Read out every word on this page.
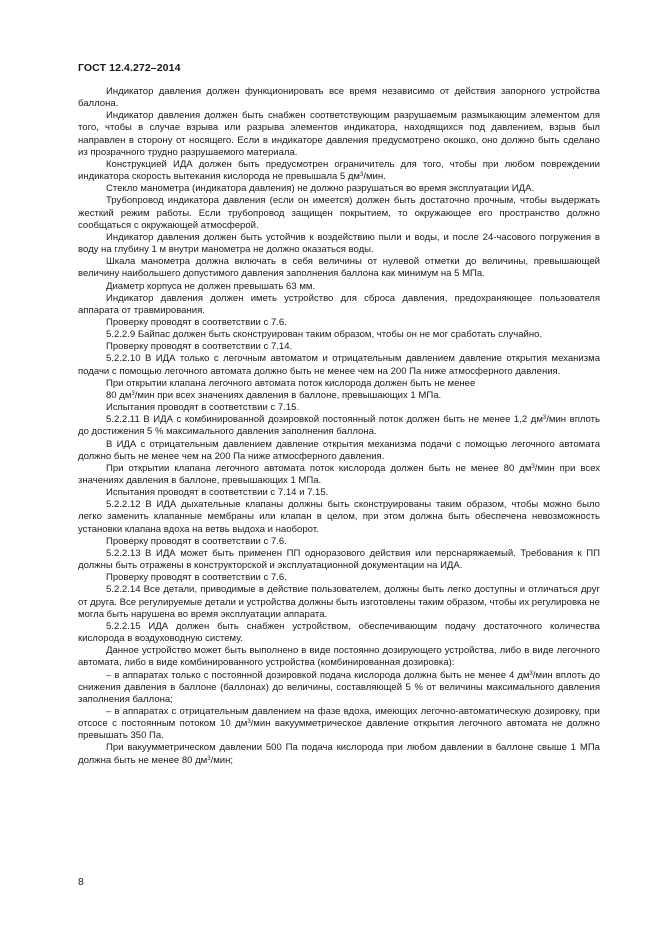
ГОСТ 12.4.272–2014

Индикатор давления должен функционировать все время независимо от действия запорного устройства баллона.

Индикатор давления должен быть снабжен соответствующим разрушаемым размыкающим элементом для того, чтобы в случае взрыва или разрыва элементов индикатора, находящихся под давлением, взрыв был направлен в сторону от носящего. Если в индикаторе давления предусмотрено окошко, оно должно быть сделано из прозрачного трудно разрушаемого материала.

Конструкцией ИДА должен быть предусмотрен ограничитель для того, чтобы при любом повреждении индикатора скорость вытекания кислорода не превышала 5 $дм^3$/мин.

Стекло манометра (индикатора давления) не должно разрушаться во время эксплуатации ИДА.

Трубопровод индикатора давления (если он имеется) должен быть достаточно прочным, чтобы выдержать жесткий режим работы. Если трубопровод защищен покрытием, то окружающее его пространство должно сообщаться с окружающей атмосферой.

Индикатор давления должен быть устойчив к воздействию пыли и воды, и после 24-часового погружения в воду на глубину 1 м внутри манометра не должно оказаться воды.

Шкала манометра должна включать в себя величины от нулевой отметки до величины, превышающей величину наибольшего допустимого давления заполнения баллона как минимум на 5 МПа.

Диаметр корпуса не должен превышать 63 мм.

Индикатор давления должен иметь устройство для сброса давления, предохраняющее пользователя аппарата от травмирования.

Проверку проводят в соответствии с 7.6.

5.2.2.9 Байпас должен быть сконструирован таким образом, чтобы он не мог сработать случайно.

Проверку проводят в соответствии с 7.14.

5.2.2.10 В ИДА только с легочным автоматом и отрицательным давлением давление открытия механизма подачи с помощью легочного автомата должно быть не менее чем на 200 Па ниже атмосферного давления.

При открытии клапана легочного автомата поток кислорода должен быть не менее

80 $дм^3$/мин при всех значениях давления в баллоне, превышающих 1 МПа.

Испытания проводят в соответствии с 7.15.

5.2.2.11 В ИДА с комбинированной дозировкой постоянный поток должен быть не менее 1,2 $дм^3$/мин вплоть до достижения 5 % максимального давления заполнения баллона.

В ИДА с отрицательным давлением давление открытия механизма подачи с помощью легочного автомата должно быть не менее чем на 200 Па ниже атмосферного давления.

При открытии клапана легочного автомата поток кислорода должен быть не менее 80 $дм^3$/мин при всех значениях давления в баллоне, превышающих 1 МПа.

Испытания проводят в соответствии с 7.14 и 7.15.

5.2.2.12 В ИДА дыхательные клапаны должны быть сконструированы таким образом, чтобы можно было легко заменить клапанные мембраны или клапан в целом, при этом должна быть обеспечена невозможность установки клапана вдоха на ветвь выдоха и наоборот.

Проверку проводят в соответствии с 7.6.

5.2.2.13 В ИДА может быть применен ПП одноразового действия или перснаряжаемый. Требования к ПП должны быть отражены в конструкторской и эксплуатационной документации на ИДА.

Проверку проводят в соответствии с 7.6.

5.2.2.14 Все детали, приводимые в действие пользователем, должны быть легко доступны и отличаться друг от друга. Все регулируемые детали и устройства должны быть изготовлены таким образом, чтобы их регулировка не могла быть нарушена во время эксплуатации аппарата.

5.2.2.15 ИДА должен быть снабжен устройством, обеспечивающим подачу достаточного количества кислорода в воздуховодную систему.

Данное устройство может быть выполнено в виде постоянно дозирующего устройства, либо в виде легочного автомата, либо в виде комбинированного устройства (комбинированная дозировка):

– в аппаратах только с постоянной дозировкой подача кислорода должна быть не менее 4 $дм^3$/мин вплоть до снижения давления в баллоне (баллонах) до величины, составляющей 5 % от величины максимального давления заполнения баллона;

– в аппаратах с отрицательным давлением на фазе вдоха, имеющих легочно-автоматическую дозировку, при отсосе с постоянным потоком 10 $дм^3$/мин вакуумметрическое давление открытия легочного автомата не должно превышать 350 Па.

При вакуумметрическом давлении 500 Па подача кислорода при любом давлении в баллоне свыше 1 МПа должна быть не менее 80 $дм^3$/мин;

8
